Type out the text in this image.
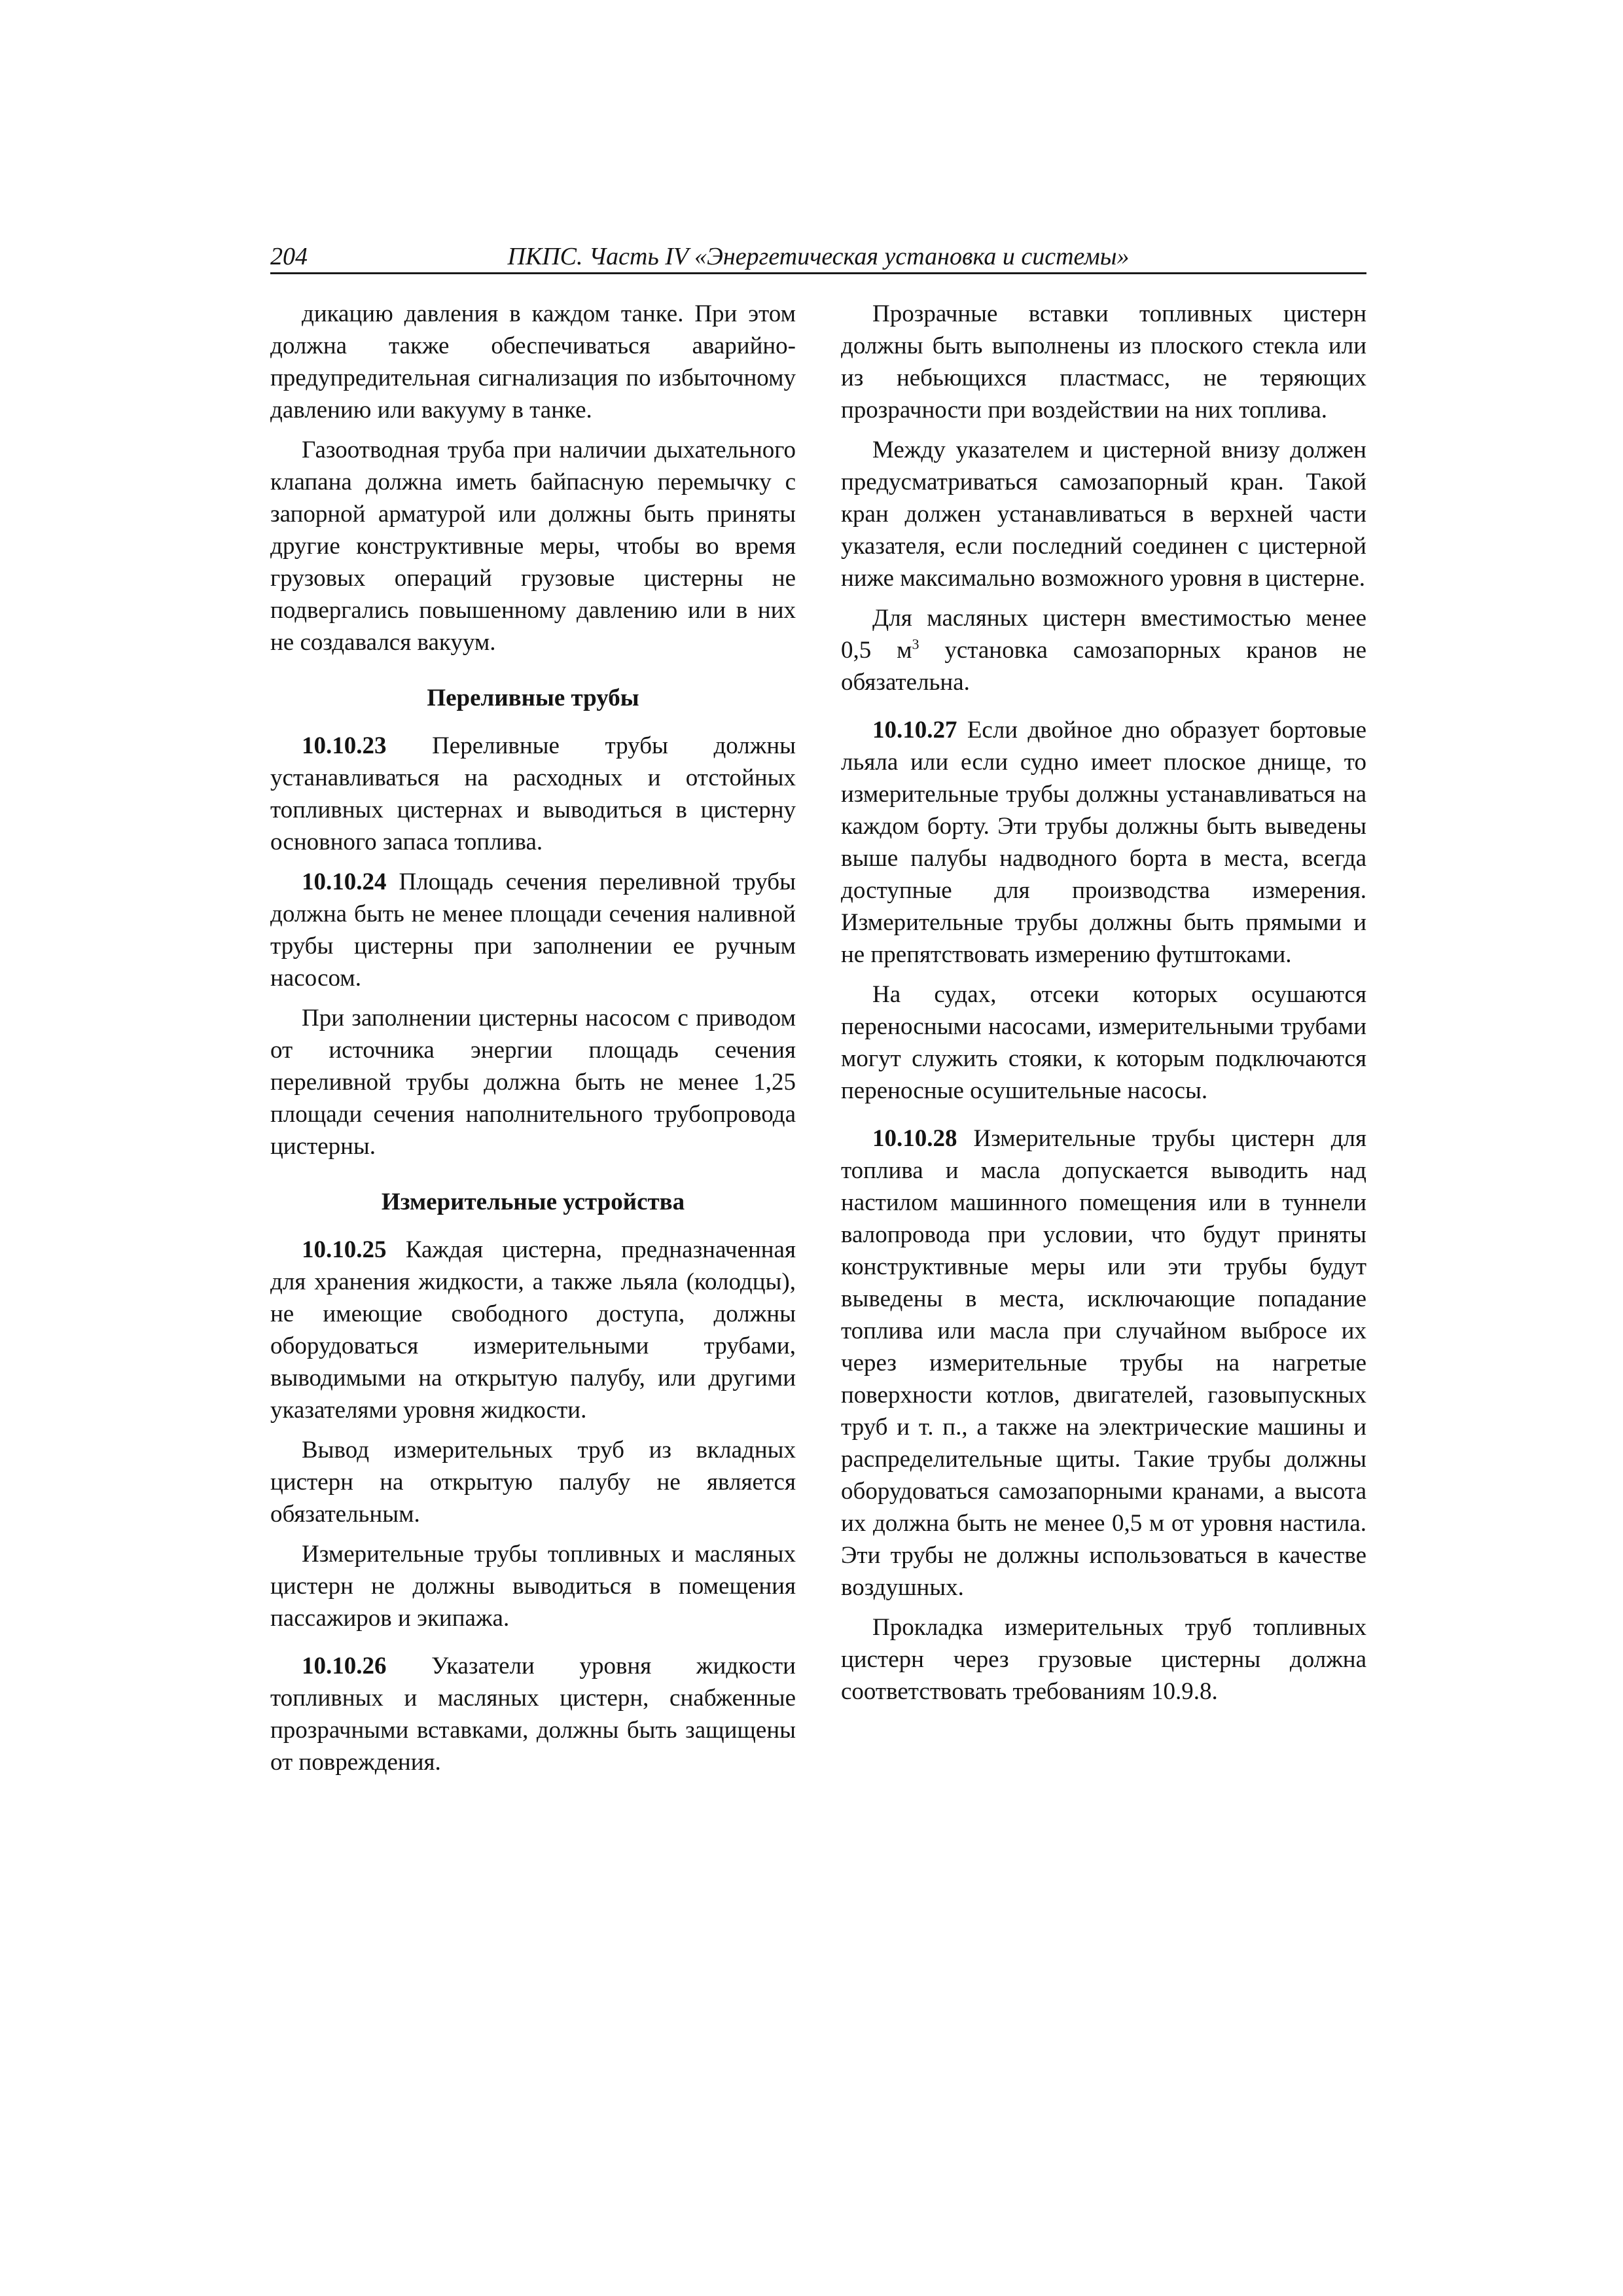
204	ПКПС. Часть IV «Энергетическая установка и системы»

дикацию давления в каждом танке. При этом должна также обеспечиваться аварийно-предупредительная сигнализация по избыточному давлению или вакууму в танке.

Газоотводная труба при наличии дыхательного клапана должна иметь байпасную перемычку с запорной арматурой или должны быть приняты другие конструктивные меры, чтобы во время грузовых операций грузовые цистерны не подвергались повышенному давлению или в них не создавался вакуум.

Переливные трубы

10.10.23 Переливные трубы должны устанавливаться на расходных и отстойных топливных цистернах и выводиться в цистерну основного запаса топлива.

10.10.24 Площадь сечения переливной трубы должна быть не менее площади сечения наливной трубы цистерны при заполнении ее ручным насосом.

При заполнении цистерны насосом с приводом от источника энергии площадь сечения переливной трубы должна быть не менее 1,25 площади сечения наполнительного трубопровода цистерны.

Измерительные устройства

10.10.25 Каждая цистерна, предназначенная для хранения жидкости, а также льяла (колодцы), не имеющие свободного доступа, должны оборудоваться измерительными трубами, выводимыми на открытую палубу, или другими указателями уровня жидкости.

Вывод измерительных труб из вкладных цистерн на открытую палубу не является обязательным.

Измерительные трубы топливных и масляных цистерн не должны выводиться в помещения пассажиров и экипажа.

10.10.26 Указатели уровня жидкости топливных и масляных цистерн, снабженные прозрачными вставками, должны быть защищены от повреждения.

Прозрачные вставки топливных цистерн должны быть выполнены из плоского стекла или из небьющихся пластмасс, не теряющих прозрачности при воздействии на них топлива.

Между указателем и цистерной внизу должен предусматриваться самозапорный кран. Такой кран должен устанавливаться в верхней части указателя, если последний соединен с цистерной ниже максимально возможного уровня в цистерне.

Для масляных цистерн вместимостью менее 0,5 $м^3$ установка самозапорных кранов не обязательна.

10.10.27 Если двойное дно образует бортовые льяла или если судно имеет плоское днище, то измерительные трубы должны устанавливаться на каждом борту. Эти трубы должны быть выведены выше палубы надводного борта в места, всегда доступные для производства измерения. Измерительные трубы должны быть прямыми и не препятствовать измерению футштоками.

На судах, отсеки которых осушаются переносными насосами, измерительными трубами могут служить стояки, к которым подключаются переносные осушительные насосы.

10.10.28 Измерительные трубы цистерн для топлива и масла допускается выводить над настилом машинного помещения или в туннели валопровода при условии, что будут приняты конструктивные меры или эти трубы будут выведены в места, исключающие попадание топлива или масла при случайном выбросе их через измерительные трубы на нагретые поверхности котлов, двигателей, газовыпускных труб и т. п., а также на электрические машины и распределительные щиты. Такие трубы должны оборудоваться самозапорными кранами, а высота их должна быть не менее 0,5 м от уровня настила. Эти трубы не должны использоваться в качестве воздушных.

Прокладка измерительных труб топливных цистерн через грузовые цистерны должна соответствовать требованиям 10.9.8.
